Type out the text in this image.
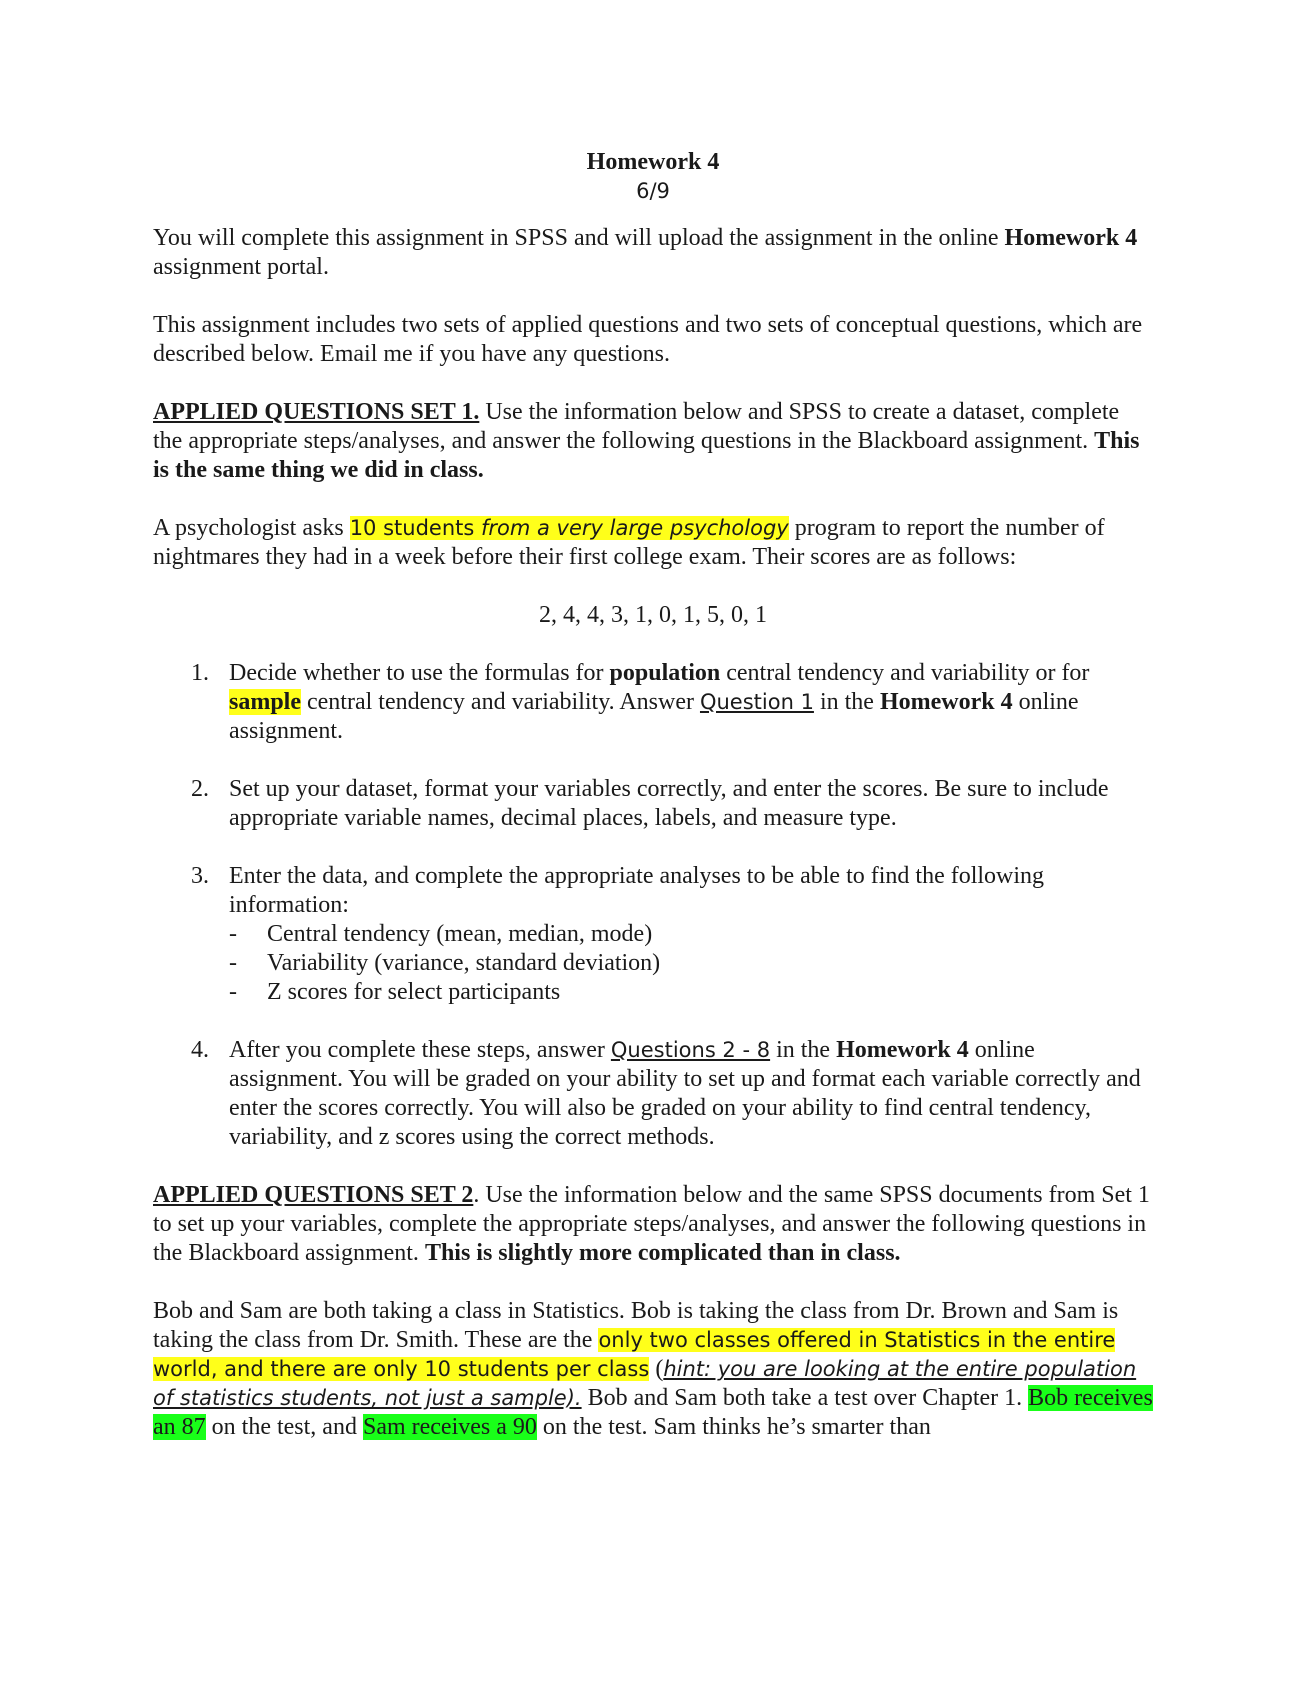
Homework 4

6/9

You will complete this assignment in SPSS and will upload the assignment in the online Homework 4 assignment portal.

This assignment includes two sets of applied questions and two sets of conceptual questions, which are described below. Email me if you have any questions.

APPLIED QUESTIONS SET 1. Use the information below and SPSS to create a dataset, complete the appropriate steps/analyses, and answer the following questions in the Blackboard assignment. This is the same thing we did in class.

A psychologist asks 10 students from a very large psychology program to report the number of nightmares they had in a week before their first college exam. Their scores are as follows:

2, 4, 4, 3, 1, 0, 1, 5, 0, 1

1. Decide whether to use the formulas for population central tendency and variability or for sample central tendency and variability. Answer Question 1 in the Homework 4 online assignment.
2. Set up your dataset, format your variables correctly, and enter the scores. Be sure to include appropriate variable names, decimal places, labels, and measure type.
3. Enter the data, and complete the appropriate analyses to be able to find the following information:
- Central tendency (mean, median, mode)
- Variability (variance, standard deviation)
- Z scores for select participants
4. After you complete these steps, answer Questions 2 - 8 in the Homework 4 online assignment. You will be graded on your ability to set up and format each variable correctly and enter the scores correctly. You will also be graded on your ability to find central tendency, variability, and z scores using the correct methods.

APPLIED QUESTIONS SET 2. Use the information below and the same SPSS documents from Set 1 to set up your variables, complete the appropriate steps/analyses, and answer the following questions in the Blackboard assignment. This is slightly more complicated than in class.

Bob and Sam are both taking a class in Statistics. Bob is taking the class from Dr. Brown and Sam is taking the class from Dr. Smith. These are the only two classes offered in Statistics in the entire world, and there are only 10 students per class (hint: you are looking at the entire population of statistics students, not just a sample). Bob and Sam both take a test over Chapter 1. Bob receives an 87 on the test, and Sam receives a 90 on the test. Sam thinks he’s smarter than
